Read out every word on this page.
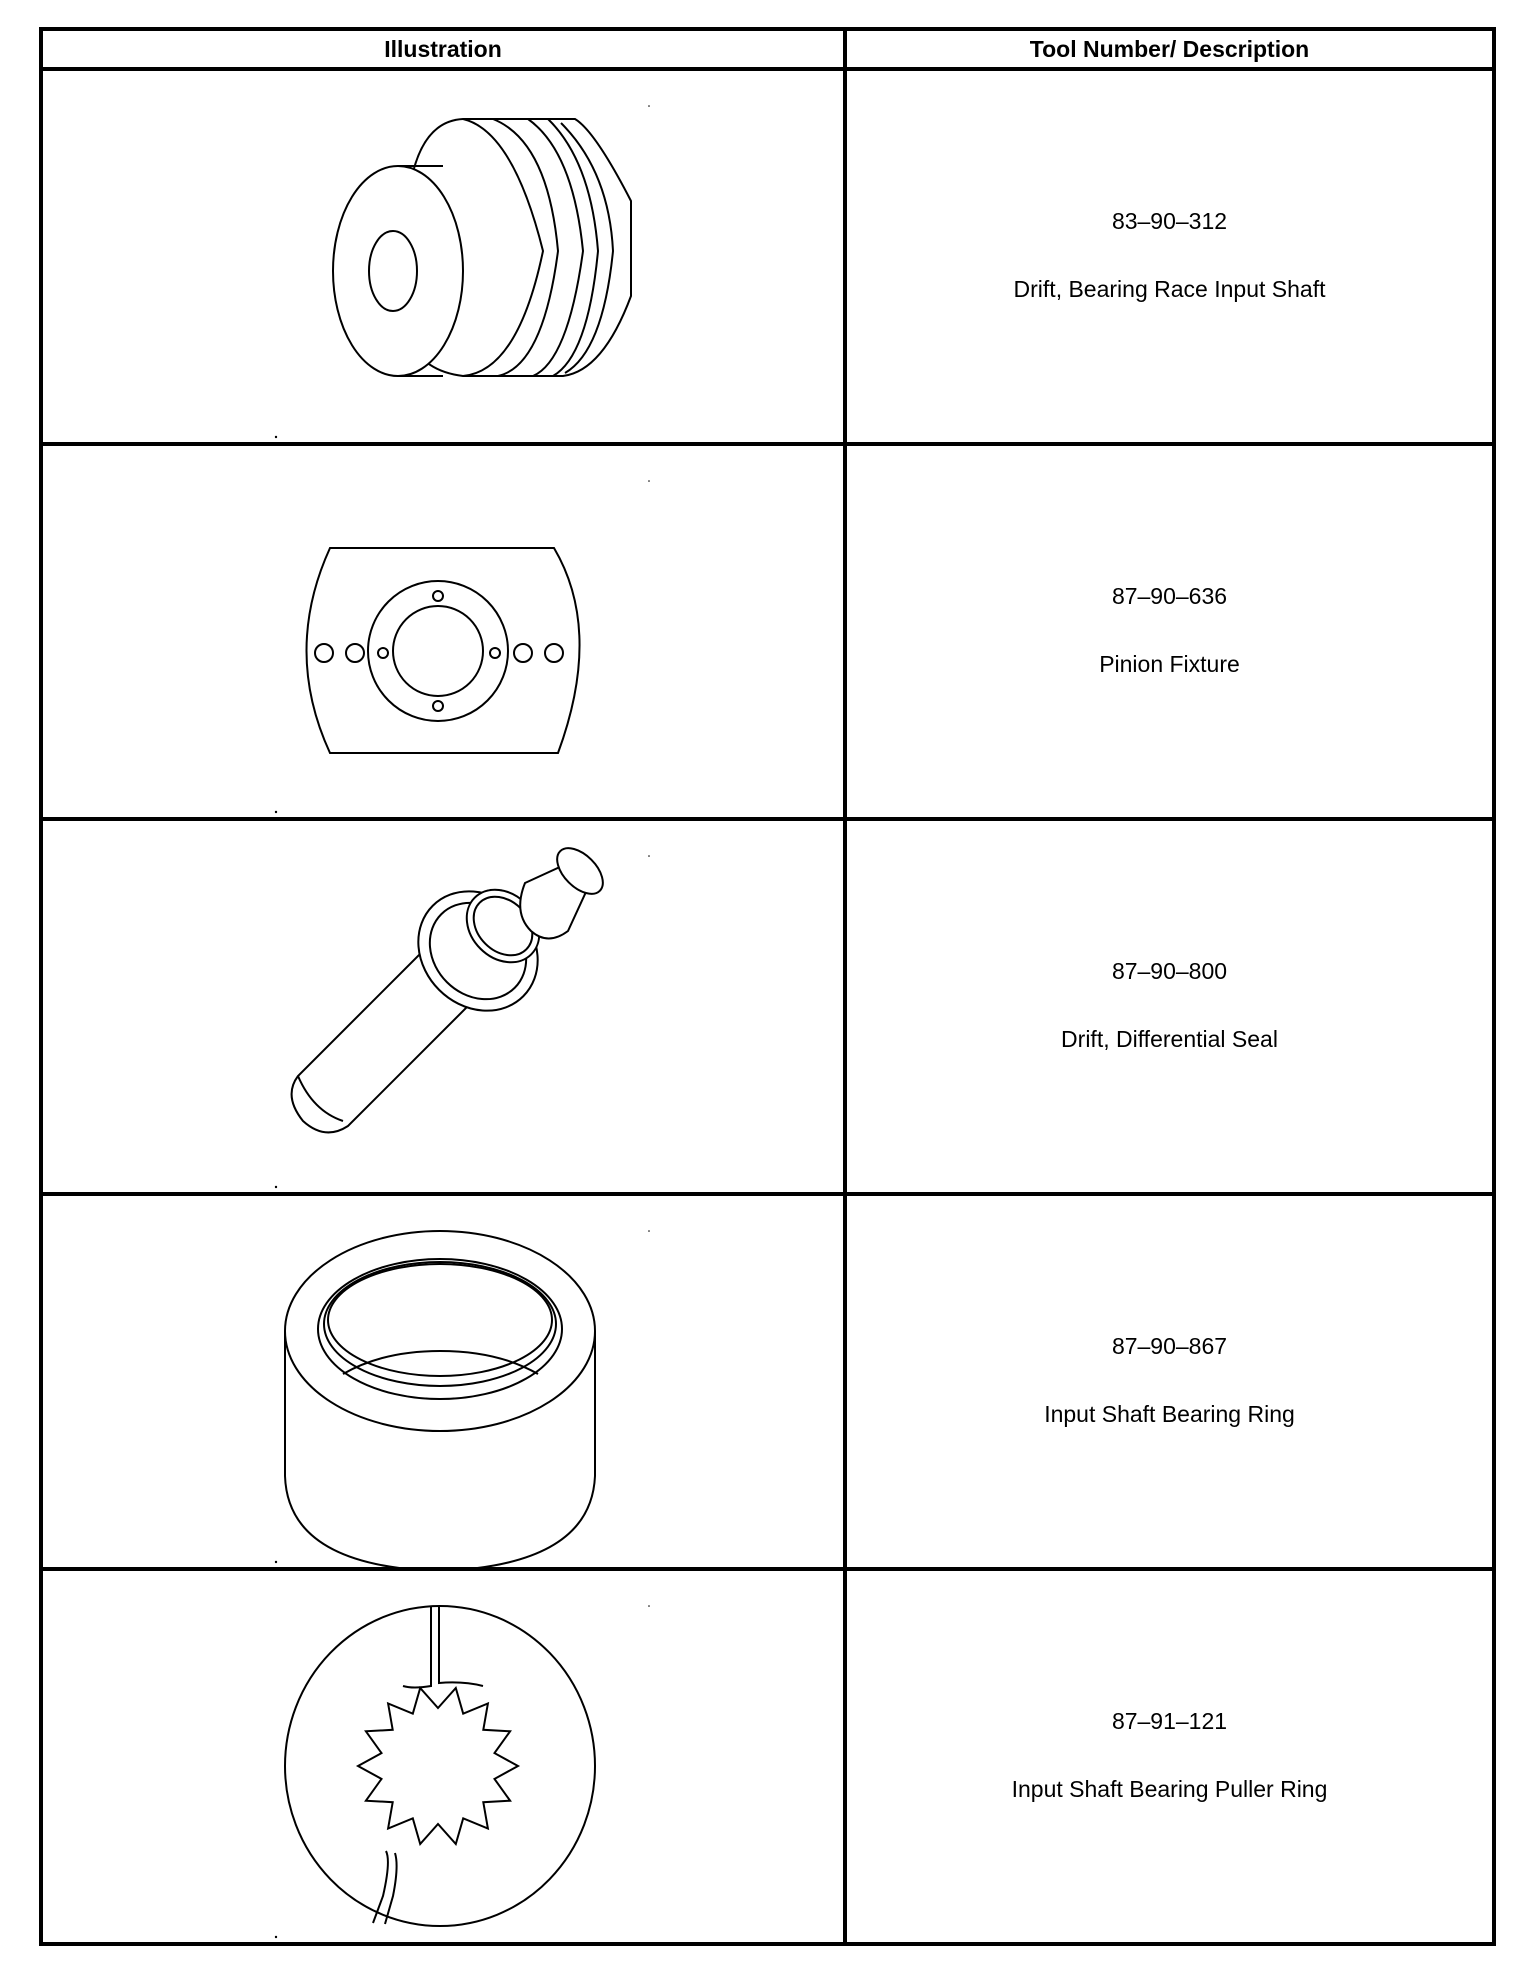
Illustration	Tool Number/ Description
83–90–312
Drift, Bearing Race Input Shaft
87–90–636
Pinion Fixture
87–90–800
Drift, Differential Seal
87–90–867
Input Shaft Bearing Ring
87–91–121
Input Shaft Bearing Puller Ring
